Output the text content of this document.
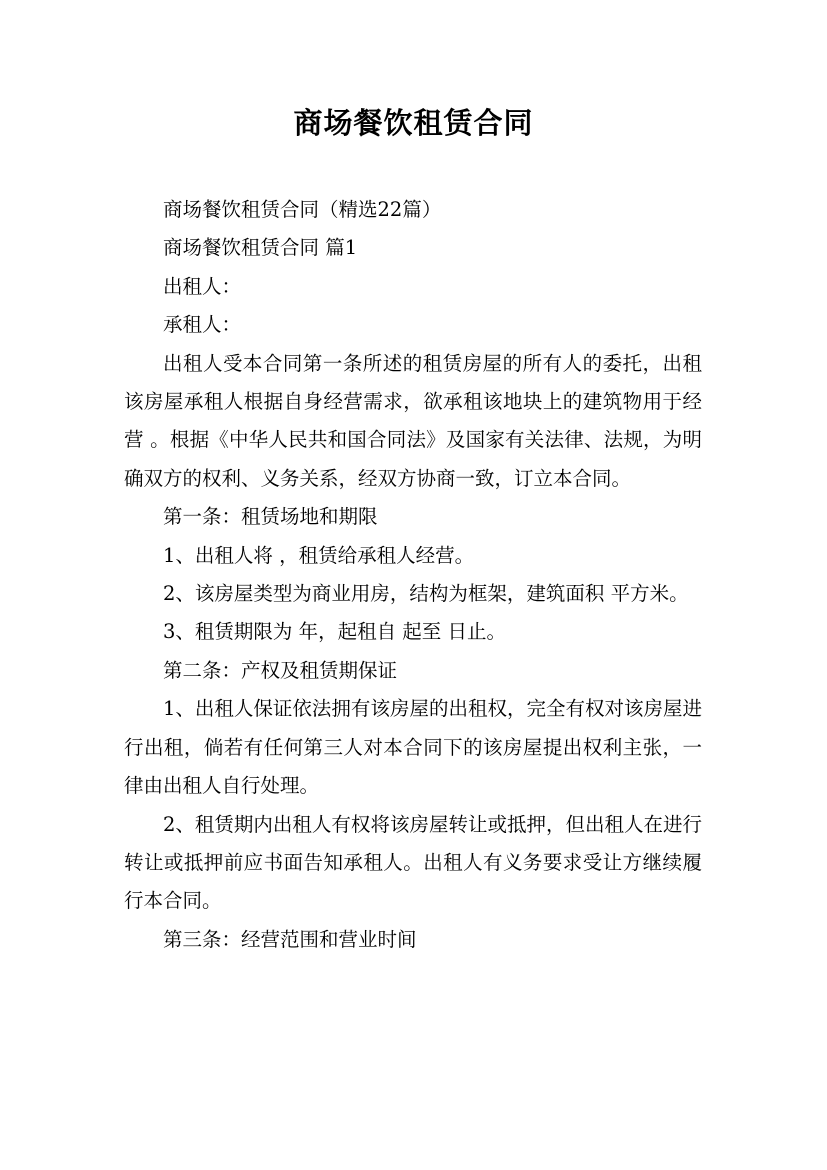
商场餐饮租赁合同

商场餐饮租赁合同（精选22篇）

商场餐饮租赁合同 篇1

出租人：

承租人：

出租人受本合同第一条所述的租赁房屋的所有人的委托，出租该房屋承租人根据自身经营需求，欲承租该地块上的建筑物用于经营 。根据《中华人民共和国合同法》及国家有关法律、法规，为明确双方的权利、义务关系，经双方协商一致，订立本合同。

第一条：租赁场地和期限

1、出租人将 ，租赁给承租人经营。

2、该房屋类型为商业用房，结构为框架，建筑面积 平方米。

3、租赁期限为 年，起租自 起至 日止。

第二条：产权及租赁期保证

1、出租人保证依法拥有该房屋的出租权，完全有权对该房屋进行出租，倘若有任何第三人对本合同下的该房屋提出权利主张，一律由出租人自行处理。

2、租赁期内出租人有权将该房屋转让或抵押，但出租人在进行转让或抵押前应书面告知承租人。出租人有义务要求受让方继续履行本合同。

第三条：经营范围和营业时间
